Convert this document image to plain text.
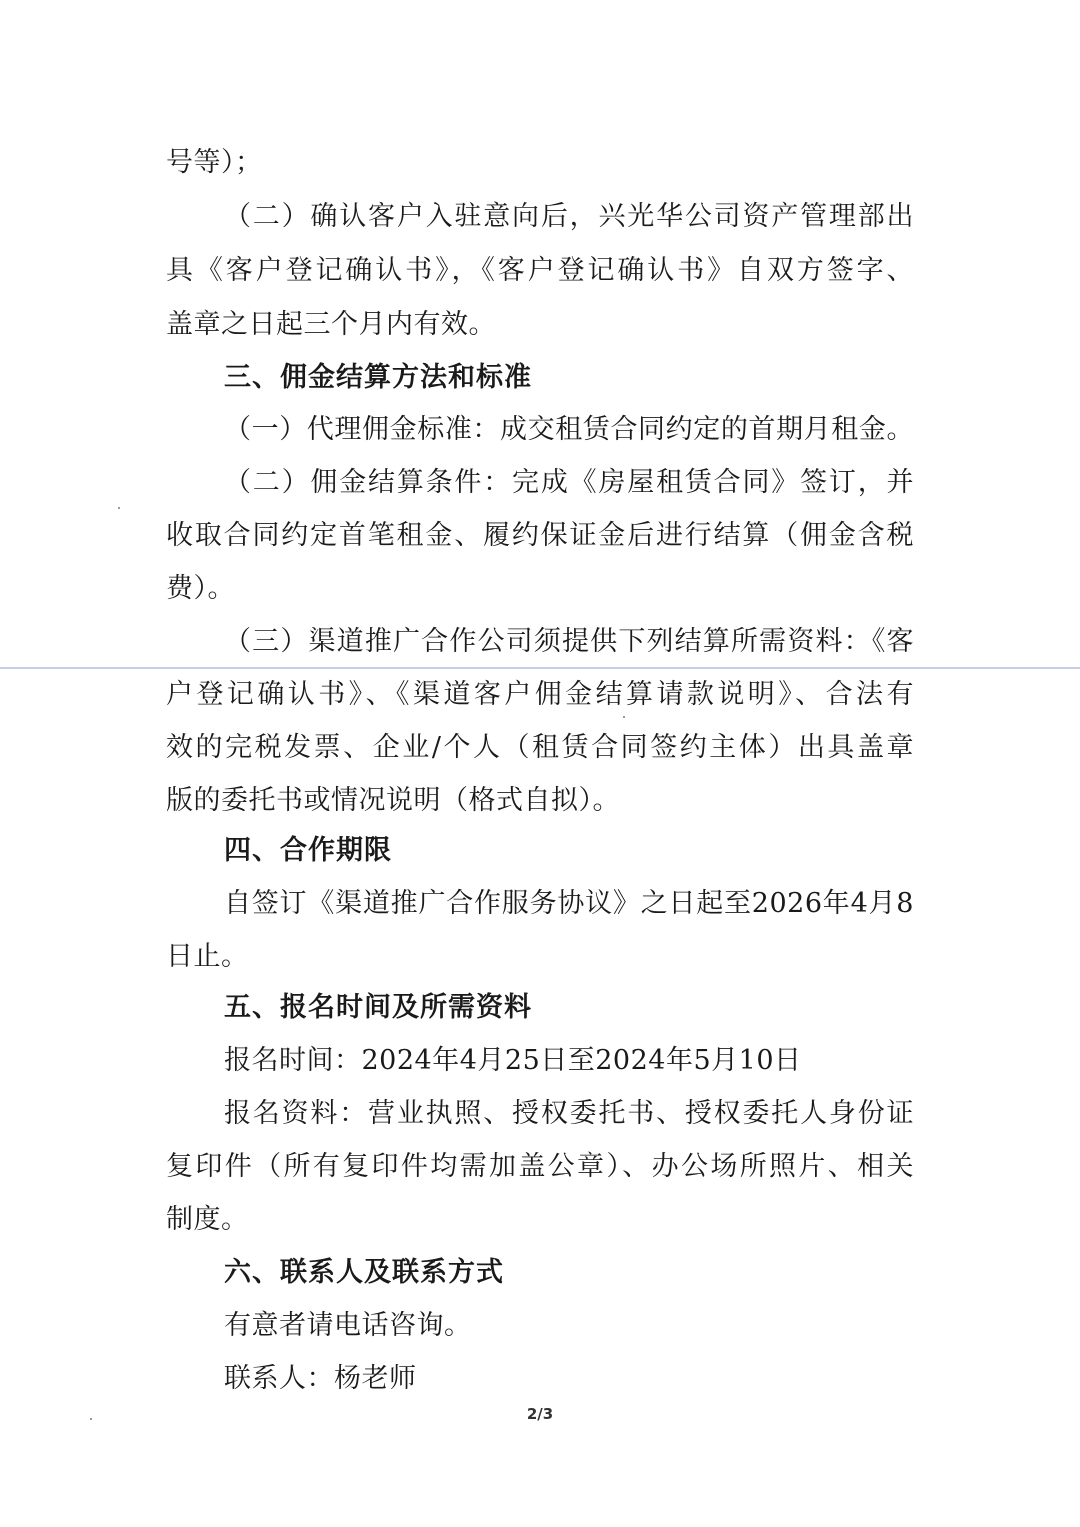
号等）；
（二）确认客户入驻意向后，兴光华公司资产管理部出
具《客户登记确认书》，《客户登记确认书》自双方签字、
盖章之日起三个月内有效。
三、佣金结算方法和标准
（一）代理佣金标准：成交租赁合同约定的首期月租金。
（二）佣金结算条件：完成《房屋租赁合同》签订，并
收取合同约定首笔租金、履约保证金后进行结算（佣金含税
费）。
（三）渠道推广合作公司须提供下列结算所需资料：《客
户登记确认书》、《渠道客户佣金结算请款说明》、合法有
效的完税发票、企业/个人（租赁合同签约主体）出具盖章
版的委托书或情况说明（格式自拟）。
四、合作期限
自签订《渠道推广合作服务协议》之日起至2026年4月8
日止。
五、报名时间及所需资料
报名时间：2024年4月25日至2024年5月10日
报名资料：营业执照、授权委托书、授权委托人身份证
复印件（所有复印件均需加盖公章）、办公场所照片、相关
制度。
六、联系人及联系方式
有意者请电话咨询。
联系人：杨老师
2/3
